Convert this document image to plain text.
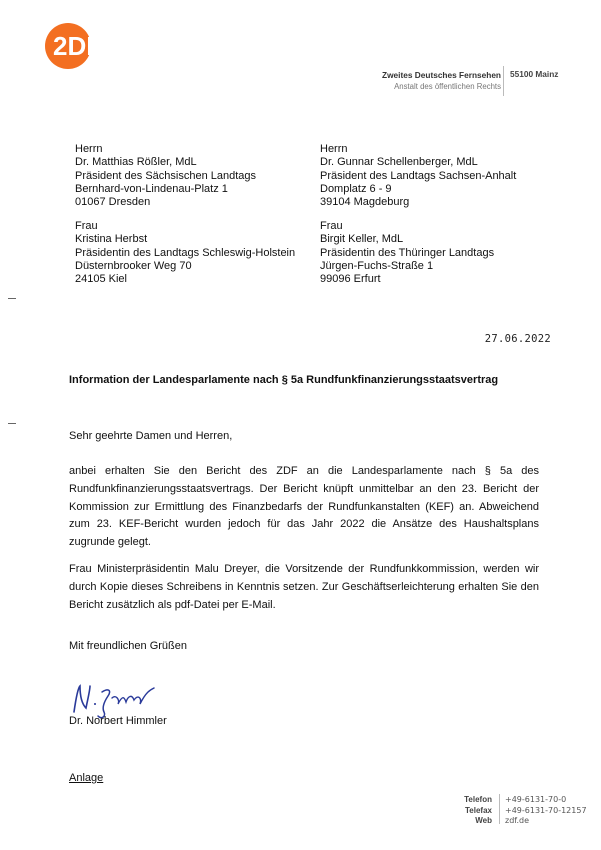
2DF
Zweites Deutsches Fernsehen
Anstalt des öffentlichen Rechts
55100 Mainz
Herrn
Dr. Matthias Rößler, MdL
Präsident des Sächsischen Landtags
Bernhard-von-Lindenau-Platz 1
01067 Dresden
Herrn
Dr. Gunnar Schellenberger, MdL
Präsident des Landtags Sachsen-Anhalt
Domplatz 6 - 9
39104 Magdeburg
Frau
Kristina Herbst
Präsidentin des Landtags Schleswig-Holstein
Düsternbrooker Weg 70
24105 Kiel
Frau
Birgit Keller, MdL
Präsidentin des Thüringer Landtags
Jürgen-Fuchs-Straße 1
99096 Erfurt
27.06.2022
Information der Landesparlamente nach § 5a Rundfunkfinanzierungsstaatsvertrag
Sehr geehrte Damen und Herren,
anbei erhalten Sie den Bericht des ZDF an die Landesparlamente nach § 5a des Rundfunkfinanzierungsstaatsvertrags. Der Bericht knüpft unmittelbar an den 23. Bericht der Kommission zur Ermittlung des Finanzbedarfs der Rundfunkanstalten (KEF) an. Abweichend zum 23. KEF-Bericht wurden jedoch für das Jahr 2022 die Ansätze des Haushaltsplans zugrunde gelegt.
Frau Ministerpräsidentin Malu Dreyer, die Vorsitzende der Rundfunkkommission, werden wir durch Kopie dieses Schreibens in Kenntnis setzen. Zur Geschäftserleichterung erhalten Sie den Bericht zusätzlich als pdf-Datei per E-Mail.
Mit freundlichen Grüßen
Dr. Norbert Himmler
Anlage
Telefon
Telefax
Web
+49-6131-70-0
+49-6131-70-12157
zdf.de
